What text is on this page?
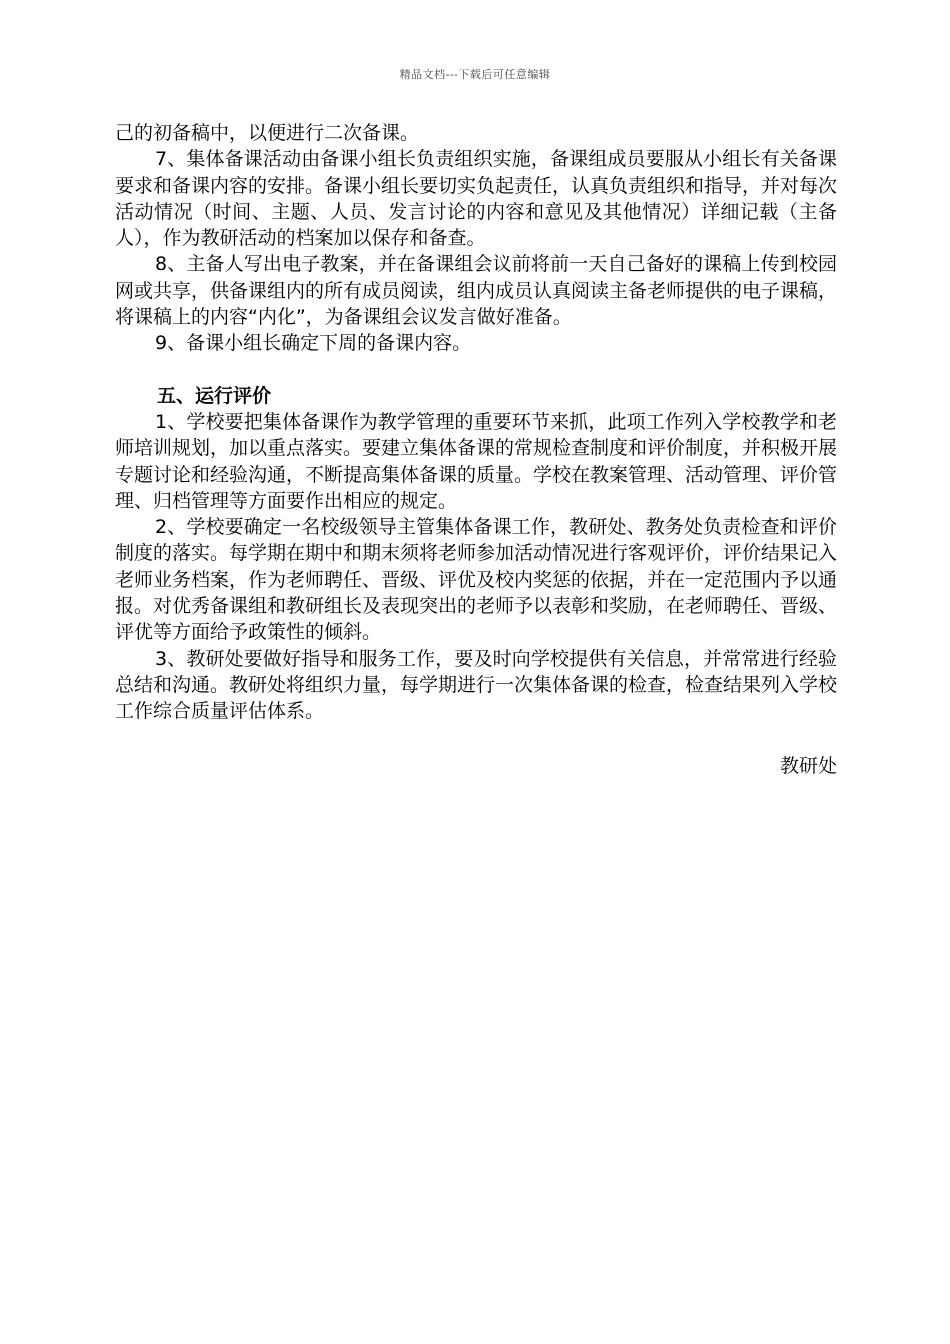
精品文档---下载后可任意编辑

己的初备稿中，以便进行二次备课。

7、集体备课活动由备课小组长负责组织实施，备课组成员要服从小组长有关备课要求和备课内容的安排。备课小组长要切实负起责任，认真负责组织和指导，并对每次活动情况（时间、主题、人员、发言讨论的内容和意见及其他情况）详细记载（主备人），作为教研活动的档案加以保存和备查。

8、主备人写出电子教案，并在备课组会议前将前一天自己备好的课稿上传到校园网或共享，供备课组内的所有成员阅读，组内成员认真阅读主备老师提供的电子课稿，将课稿上的内容“内化”，为备课组会议发言做好准备。

9、备课小组长确定下周的备课内容。

五、运行评价

1、学校要把集体备课作为教学管理的重要环节来抓，此项工作列入学校教学和老师培训规划，加以重点落实。要建立集体备课的常规检查制度和评价制度，并积极开展专题讨论和经验沟通，不断提高集体备课的质量。学校在教案管理、活动管理、评价管理、归档管理等方面要作出相应的规定。

2、学校要确定一名校级领导主管集体备课工作，教研处、教务处负责检查和评价制度的落实。每学期在期中和期末须将老师参加活动情况进行客观评价，评价结果记入老师业务档案，作为老师聘任、晋级、评优及校内奖惩的依据，并在一定范围内予以通报。对优秀备课组和教研组长及表现突出的老师予以表彰和奖励，在老师聘任、晋级、评优等方面给予政策性的倾斜。

3、教研处要做好指导和服务工作，要及时向学校提供有关信息，并常常进行经验总结和沟通。教研处将组织力量，每学期进行一次集体备课的检查，检查结果列入学校工作综合质量评估体系。

教研处
